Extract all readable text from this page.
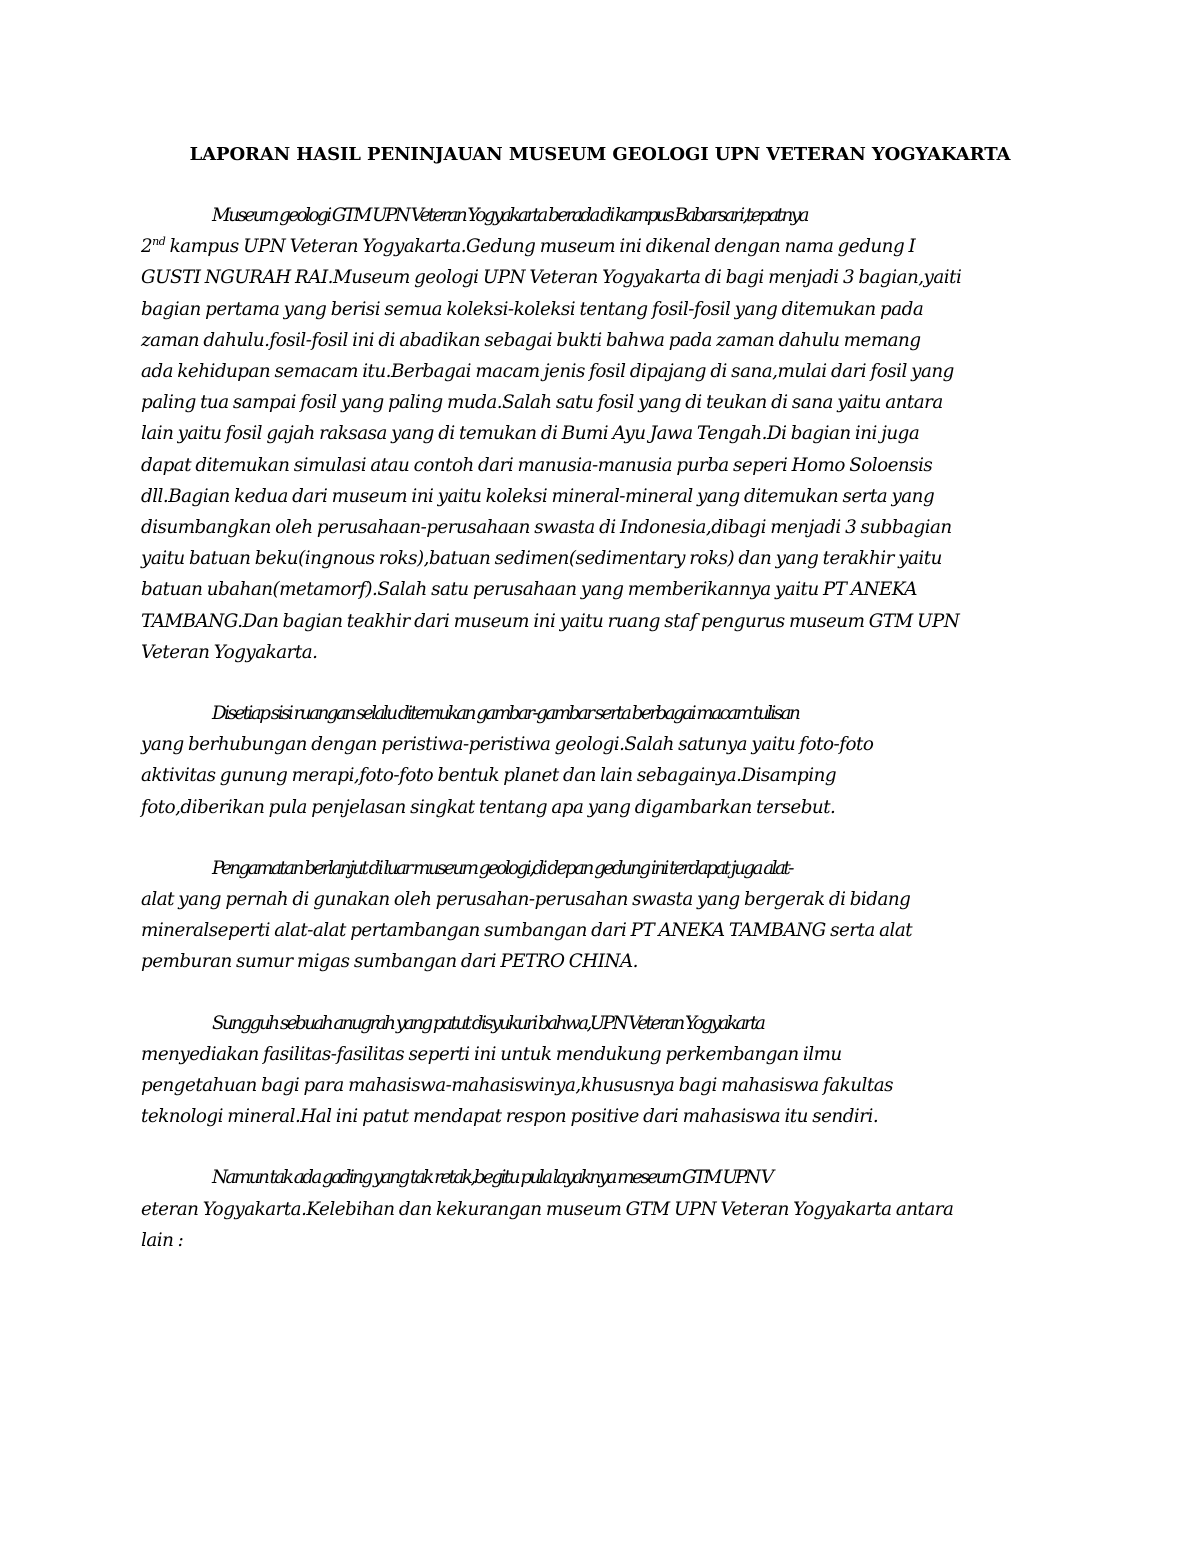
LAPORAN HASIL PENINJAUAN MUSEUM GEOLOGI UPN VETERAN YOGYAKARTA

Museum geologi GTM UPN Veteran Yogyakarta berada di kampus Babarsari,tepatnya
2nd kampus UPN Veteran Yogyakarta.Gedung museum ini dikenal dengan nama gedung I
GUSTI NGURAH RAI.Museum geologi UPN Veteran Yogyakarta di bagi menjadi 3 bagian,yaiti
bagian pertama yang berisi semua koleksi-koleksi tentang fosil-fosil yang ditemukan pada
zaman dahulu.fosil-fosil ini di abadikan sebagai bukti bahwa pada zaman dahulu memang
ada kehidupan semacam itu.Berbagai macam jenis fosil dipajang di sana,mulai dari fosil yang
paling tua sampai fosil yang paling muda.Salah satu fosil yang di teukan di sana yaitu antara
lain yaitu fosil gajah raksasa yang di temukan di Bumi Ayu Jawa Tengah.Di bagian ini juga
dapat ditemukan simulasi atau contoh dari manusia-manusia purba seperi Homo Soloensis
dll.Bagian kedua dari museum ini yaitu koleksi mineral-mineral yang ditemukan serta yang
disumbangkan oleh perusahaan-perusahaan swasta di Indonesia,dibagi menjadi 3 subbagian
yaitu batuan beku(ingnous roks),batuan sedimen(sedimentary roks) dan yang terakhir yaitu
batuan ubahan(metamorf).Salah satu perusahaan yang memberikannya yaitu PT ANEKA
TAMBANG.Dan bagian teakhir dari museum ini yaitu ruang staf pengurus museum GTM UPN
Veteran Yogyakarta.

Disetiap sisi ruangan selalu ditemukan gambar-gambar serta berbagai macam tulisan
yang berhubungan dengan peristiwa-peristiwa geologi.Salah satunya yaitu foto-foto
aktivitas gunung merapi,foto-foto bentuk planet dan lain sebagainya.Disamping
foto,diberikan pula penjelasan singkat tentang apa yang digambarkan tersebut.

Pengamatan berlanjut di luar museum geologi,di depan gedung ini terdapat juga alat-
alat yang pernah di gunakan oleh perusahan-perusahan swasta yang bergerak di bidang
mineralseperti alat-alat pertambangan sumbangan dari PT ANEKA TAMBANG serta alat
pemburan sumur migas sumbangan dari PETRO CHINA.

Sungguh sebuah anugrah yang patut disyukuri bahwa,UPN Veteran Yogyakarta
menyediakan fasilitas-fasilitas seperti ini untuk mendukung perkembangan ilmu
pengetahuan bagi para mahasiswa-mahasiswinya,khususnya bagi mahasiswa fakultas
teknologi mineral.Hal ini patut mendapat respon positive dari mahasiswa itu sendiri.

Namun tak ada gading yang tak retak,begitu pula layaknya meseum GTM UPN V
eteran Yogyakarta.Kelebihan dan kekurangan museum GTM UPN Veteran Yogyakarta antara
lain :
